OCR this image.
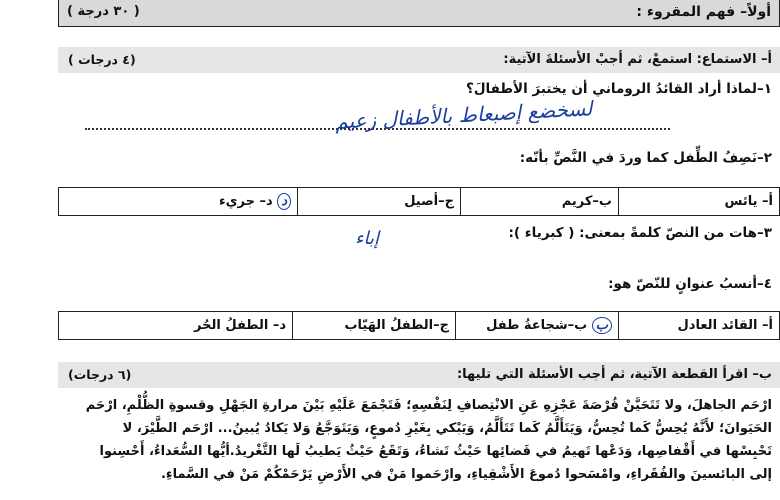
أولاً– فهم المقروء :
( ٣٠ درجة )
أ– الاستماع: استمعْ، ثم أجبْ الأسئلةَ الآتية:
(٤ درجات )
١–لماذا أراد القائدُ الروماني أن يختبرَ الأطفالَ؟
لسخضع إصبعاط بالأطفال زعيم
٢–نَصِفُ الطِّفل كما وردَ في النَّصِّ بأنّه:
أ– يائس	ب–كريم	ج–أصيل	د د– جريء
٣–هات من النصّ كلمةً بمعنى: ( كبرياء ):
إباء
٤–أنسبُ عنوانٍ للنّصّ هو:
أ– القائد العادل	ب ب–شجاعةُ طفل	ج–الطفلُ الهَيّاب	د– الطفلُ الحُر
ب– اقرأ القطعة الآتية، ثم أجب الأسئلة التي تليها:
(٦ درجات)

ارْحَم الجاهلَ، ولا تَتَحَيَّنْ فُرْصَةَ عَجْزِهِ عَنِ الانْتِصافِ لِنَفْسِهِ؛ فَتَجْمَعَ عَلَيْهِ بَيْنَ مرارةِ الجَهْلِ وقسوةِ الظُّلْمِ، ارْحَم

الحَيَوانَ؛ لأَنَّهُ يُحِسُّ كَما تُحِسُّ، وَيَتَأَلَّمُ كَما تَتَأَلَّمُ، وَيَبْكي بِغَيْرِ دُموعٍ، وَيَتَوَجَّعُ وَلا يَكادُ يُبينُ... ارْحَم الطَّيْرَ، لا

تَحْبِسْها في أَقْفاصِها، وَدَعْها تَهيمُ في فَضائِها حَيْثُ تَشاءُ، وَتَقَعُ حَيْثُ يَطيبُ لَها التَّغْريدُ.أيُّها السُّعَداءُ، أَحْسِنوا

إلى البائسينَ والفُقَراءِ، وامْسَحوا دُموعَ الأَشْقِياءِ، وارْحَموا مَنْ في الأَرْضِ يَرْحَمْكُمْ مَنْ في السَّماءِ.
